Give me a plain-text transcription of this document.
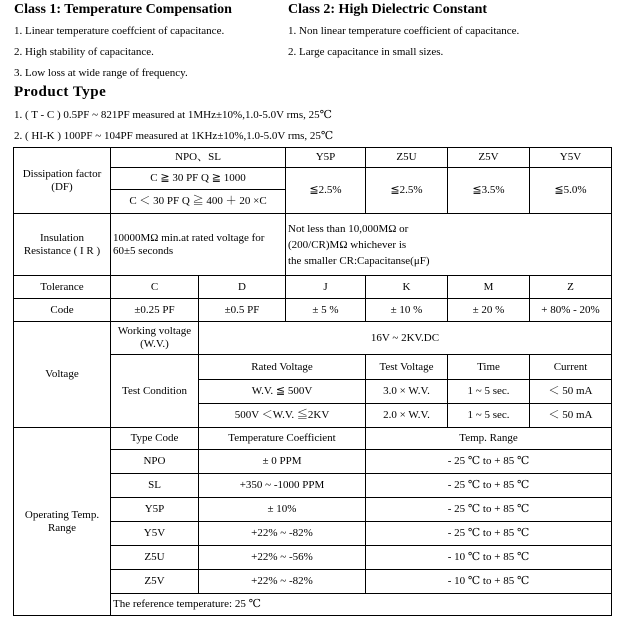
Class 1: Temperature Compensation
1. Linear temperature coeffcient of capacitance.
2. High stability of capacitance.
3. Low loss at wide range of frequency.
Class 2: High Dielectric Constant
1. Non linear temperature coefficient of capacitance.
2. Large capacitance in small sizes.
Product Type
1. ( T - C ) 0.5PF ~ 821PF measured at 1MHz±10%,1.0-5.0V rms, 25℃
2. ( HI-K ) 100PF ~ 104PF measured at 1KHz±10%,1.0-5.0V rms, 25℃
Dissipation factor (DF)	NPO、SL		Y5P	Z5U	Z5V	Y5V
	C ≧ 30 PF Q ≧ 1000		≦2.5%	≦2.5%	≦3.5%	≦5.0%
	C ＜ 30 PF Q ≧ 400 ＋ 20 ×C					
Insulation Resistance ( I R )	10000MΩ min.at rated voltage for 60±5 seconds		Not less than 10,000MΩ or
(200/CR)MΩ whichever is
the smaller CR:Capacitanse(μF)			

Tolerance	C	D	J	K	M	Z
Code	±0.25 PF	±0.5 PF	± 5 %	± 10 %	± 20 %	+ 80% - 20%
Voltage	Working voltage (W.V.)	16V ~ 2KV.DC				
	Test Condition	Rated Voltage		Test Voltage	Time	Current
		W.V. ≦ 500V		3.0 × W.V.	1 ~ 5 sec.	＜ 50 mA
		500V ＜W.V. ≦2KV		2.0 × W.V.	1 ~ 5 sec.	＜ 50 mA
Operating Temp. Range	Type Code	Temperature Coefficient		Temp. Range		
	NPO	± 0 PPM		- 25 ℃ to + 85 ℃		
	SL	+350 ~ -1000 PPM		- 25 ℃ to + 85 ℃		
	Y5P	± 10%		- 25 ℃ to + 85 ℃		
	Y5V	+22% ~ -82%		- 25 ℃ to + 85 ℃		
	Z5U	+22% ~ -56%		- 10 ℃ to + 85 ℃		
	Z5V	+22% ~ -82%		- 10 ℃ to + 85 ℃		
	The reference temperature: 25 ℃					
